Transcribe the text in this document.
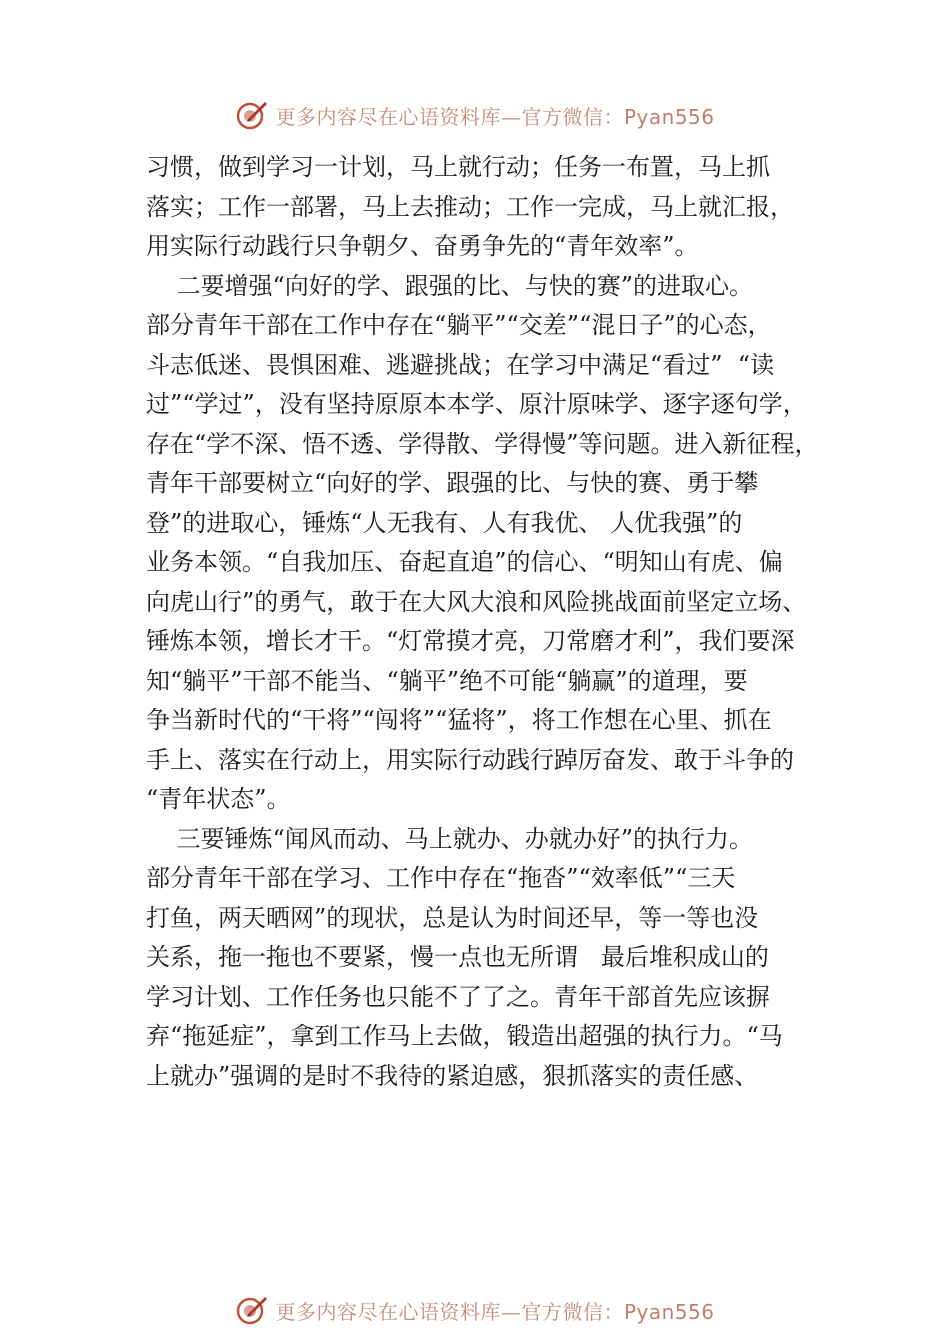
更多内容尽在心语资料库—官方微信：Pyan556
习惯，做到学习一计划，马上就行动；任务一布置，马上抓
落实；工作一部署，马上去推动；工作一完成，马上就汇报，
用实际行动践行只争朝夕、奋勇争先的“青年效率”。
二要增强“向好的学、跟强的比、与快的赛”的进取心。
部分青年干部在工作中存在“躺平”“交差”“混日子”的心态，
斗志低迷、畏惧困难、逃避挑战；在学习中满足“看过”  “读
过”“学过”，没有坚持原原本本学、原汁原味学、逐字逐句学，
存在“学不深、悟不透、学得散、学得慢”等问题。进入新征程，
青年干部要树立“向好的学、跟强的比、与快的赛、勇于攀
登”的进取心，锤炼“人无我有、人有我优、 人优我强”的
业务本领。“自我加压、奋起直追”的信心、“明知山有虎、偏
向虎山行”的勇气，敢于在大风大浪和风险挑战面前坚定立场、
锤炼本领，增长才干。“灯常摸才亮，刀常磨才利”，我们要深
知“躺平”干部不能当、“躺平”绝不可能“躺赢”的道理，要
争当新时代的“干将”“闯将”“猛将”，将工作想在心里、抓在
手上、落实在行动上，用实际行动践行踔厉奋发、敢于斗争的
“青年状态”。
三要锤炼“闻风而动、马上就办、办就办好”的执行力。
部分青年干部在学习、工作中存在“拖沓”“效率低”“三天
打鱼，两天晒网”的现状，总是认为时间还早，等一等也没
关系，拖一拖也不要紧，慢一点也无所谓   最后堆积成山的
学习计划、工作任务也只能不了了之。青年干部首先应该摒
弃“拖延症”，拿到工作马上去做，锻造出超强的执行力。“马
上就办”强调的是时不我待的紧迫感，狠抓落实的责任感、
更多内容尽在心语资料库—官方微信：Pyan556
